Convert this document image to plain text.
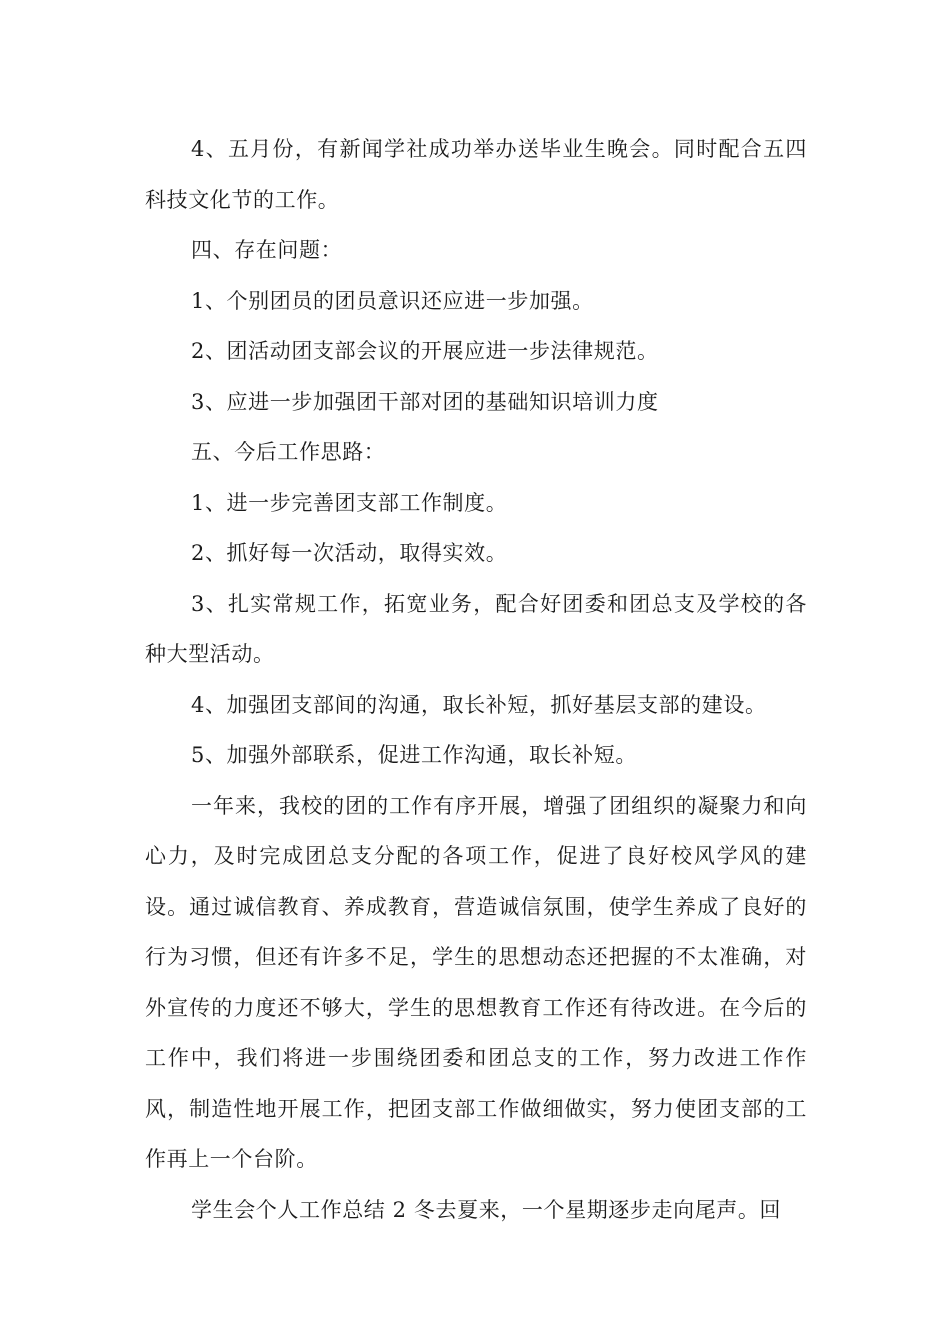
4、五月份，有新闻学社成功举办送毕业生晚会。同时配合五四科技文化节的工作。

四、存在问题：

1、个别团员的团员意识还应进一步加强。

2、团活动团支部会议的开展应进一步法律规范。

3、应进一步加强团干部对团的基础知识培训力度

五、今后工作思路：

1、进一步完善团支部工作制度。

2、抓好每一次活动，取得实效。

3、扎实常规工作，拓宽业务，配合好团委和团总支及学校的各种大型活动。

4、加强团支部间的沟通，取长补短，抓好基层支部的建设。

5、加强外部联系，促进工作沟通，取长补短。

一年来，我校的团的工作有序开展，增强了团组织的凝聚力和向心力，及时完成团总支分配的各项工作，促进了良好校风学风的建设。通过诚信教育、养成教育，营造诚信氛围，使学生养成了良好的行为习惯，但还有许多不足，学生的思想动态还把握的不太准确，对外宣传的力度还不够大，学生的思想教育工作还有待改进。在今后的工作中，我们将进一步围绕团委和团总支的工作，努力改进工作作风，制造性地开展工作，把团支部工作做细做实，努力使团支部的工作再上一个台阶。

学生会个人工作总结 2 冬去夏来，一个星期逐步走向尾声。回
